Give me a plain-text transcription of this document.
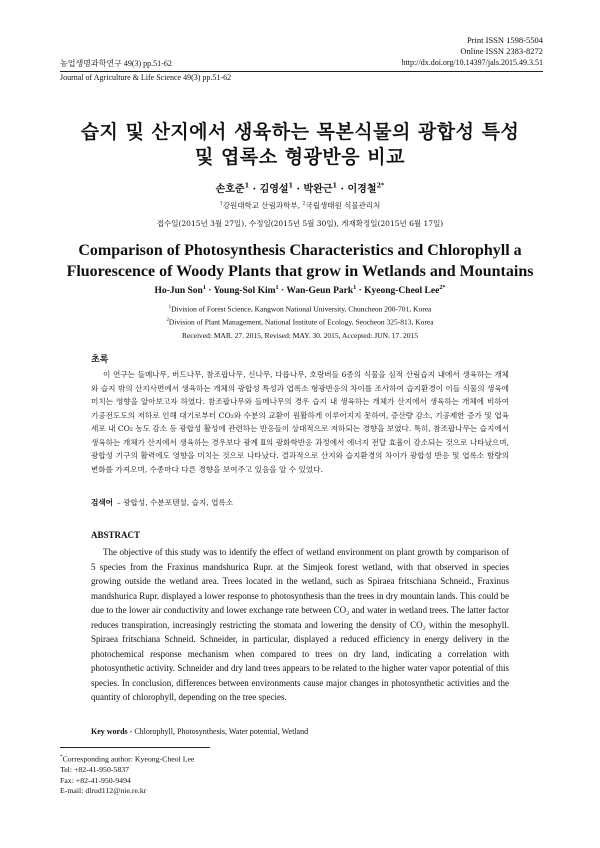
Print ISSN 1598-5504
Online ISSN 2383-8272
농업생명과학연구 49(3) pp.51-62	http://dx.doi.org/10.14397/jals.2015.49.3.51
Journal of Agriculture & Life Science 49(3) pp.51-62
습지 및 산지에서 생육하는 목본식물의 광합성 특성
및 엽록소 형광반응 비교
손호준$^1$ · 김영설$^1$ · 박완근$^1$ · 이경철$^{2*}$
$^1$강원대학교 산림과학부, $^2$국립생태원 식물관리처
접수일(2015년 3월 27일), 수정일(2015년 5월 30일), 게재확정일(2015년 6월 17일)
Comparison of Photosynthesis Characteristics and Chlorophyll a
Fluorescence of Woody Plants that grow in Wetlands and Mountains
Ho-Jun Son$^1$ · Young-Sol Kim$^1$ · Wan-Geun Park$^1$ · Kyeong-Cheol Lee$^{2*}$
$^1$Division of Forest Science, Kangwon National University, Chuncheon 200-701, Korea
$^2$Division of Plant Management, National Institute of Ecology, Seocheon 325-813, Korea
Received: MAR. 27. 2015, Revised: MAY. 30. 2015, Accepted: JUN. 17. 2015
초록
이 연구는 들메나무, 버드나무, 참조팝나무, 신나무, 다릅나무, 호랑버들 6종의 식물을 심적 산림습지 내에서 생육하는 개체와 습지 밖의 산지사면에서 생육하는 개체의 광합성 특성과 엽록소 형광반응의 차이를 조사하여 습지환경이 이들 식물의 생육에 미치는 영향을 알아보고자 하였다. 참조팝나무와 들메나무의 경우 습지 내 생육하는 개체가 산지에서 생육하는 개체에 비하여 기공전도도의 저하로 인해 대기로부터 CO₂와 수분의 교환이 원활하게 이루어지지 못하여, 증산량 감소, 기공제한 증가 및 엽육세포 내 CO₂ 농도 감소 등 광합성 활성에 관련하는 반응들이 상대적으로 저하되는 경향을 보였다. 특히, 참조팝나무는 습지에서 생육하는 개체가 산지에서 생육하는 경우보다 광계 Ⅱ의 광화학반응 과정에서 에너지 전달 효율이 감소되는 것으로 나타났으며, 광합성 기구의 활력에도 영향을 미치는 것으로 나타났다. 결과적으로 산지와 습지환경의 차이가 광합성 반응 및 엽록소 함량의 변화를 가져오며, 수종마다 다른 경향을 보여주고 있음을 알 수 있었다.
검색어 – 광합성, 수분포텐셜, 습지, 엽록소
ABSTRACT
The objective of this study was to identify the effect of wetland environment on plant growth by comparison of 5 species from the Fraxinus mandshurica Rupr. at the Simjeok forest wetland, with that observed in species growing outside the wetland area. Trees located in the wetland, such as Spiraea fritschiana Schneid., Fraxinus mandshurica Rupr. displayed a lower response to photosynthesis than the trees in dry mountain lands. This could be due to the lower air conductivity and lower exchange rate between CO₂ and water in wetland trees. The latter factor reduces transpiration, increasingly restricting the stomata and lowering the density of CO₂ within the mesophyll. Spiraea fritschiana Schneid. Schneider, in particular, displayed a reduced efficiency in energy delivery in the photochemical response mechanism when compared to trees on dry land, indicating a correlation with photosynthetic activity. Schneider and dry land trees appears to be related to the higher water vapor potential of this species. In conclusion, differences between environments cause major changes in photosynthetic activities and the quantity of chlorophyll, depending on the tree species.
Key words - Chlorophyll, Photosynthesis, Water potential, Wetland
*Corresponding author: Kyeong-Cheol Lee
Tel: +82-41-950-5837
Fax: +82-41-950-9494
E-mail: dlrud112@nie.re.kr
